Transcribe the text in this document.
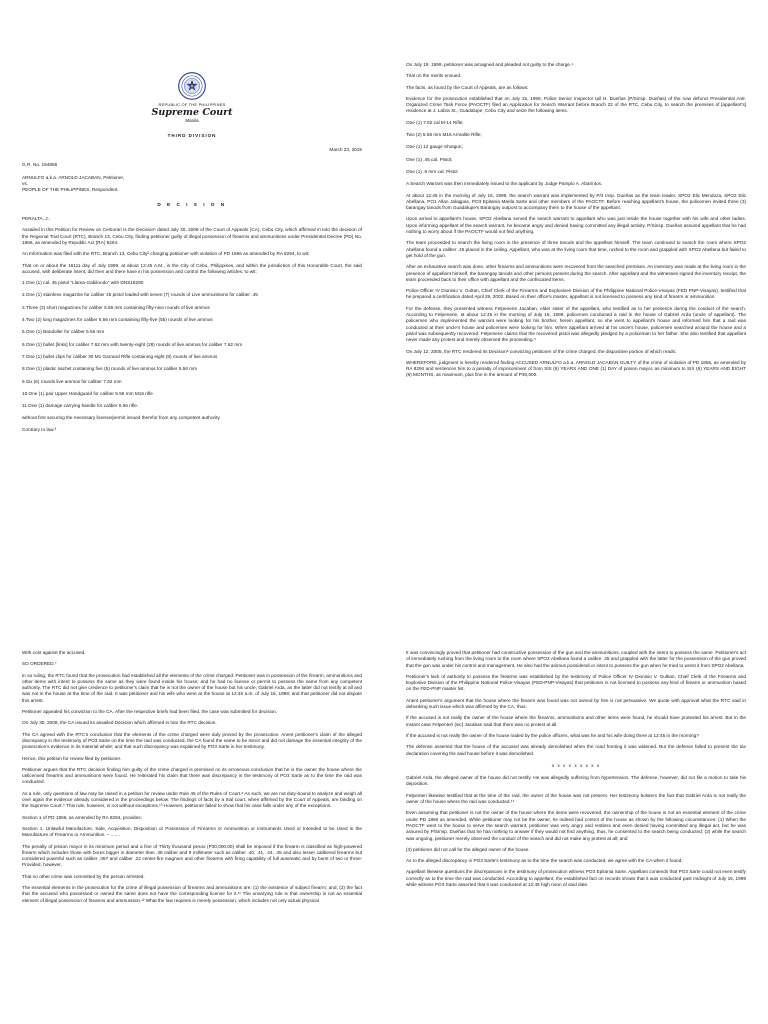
REPUBLIC OF THE PHILIPPINES
Supreme Court
Manila
THIRD DIVISION
March 23, 2015
G.R. No. 184866
ARNULFO a.k.a. ARNOLD JACABAN, Petitioner,
vs.
PEOPLE OF THE PHILIPPINES, Respondent.
D E C I S I O N

PERALTA, J.:

Assailed in this Petition for Review on Certiorari is the Decision¹ dated July 30, 2008 of the Court of Appeals (CA), Cebu City, which affirmed in toto the decision of the Regional Trial Court (RTC), Branch 13, Cebu City, finding petitioner guilty of illegal possession of firearms and ammunitions under Presidential Decree (PD) No. 1866, as amended by Republic Act (RA) 8294.

An Information was filed with the RTC, Branch 13, Cebu City² charging petitioner with violation of PD 1866 as amended by RA 8294, to wit:

That on or about the 16111 day of July 1999, at about 12:45 A.M., in the City of Cebu, Philippines, and within the jurisdiction of this Honorable Court, the said accused, with deliberate intent, did then and there have in his possession and control the following articles, to wit:

1.One (1) cal. 45 pistol "Llama-Gabilondo" with DNS18290
2.One (1) stainless magazine for caliber 45 pistol loaded with seven (7) rounds of Live ammunitions for caliber .45
3.Three (3) short magazines for caliber 5.56 mm containing fifty-nine rounds of live ammos
4.Two (2) long magazines for caliber 5.56 mm containing fifty-five (55) rounds of live ammos
5.One (1) Bandoller for caliber 5.56 mm
6.One (1) bullet [links] for caliber 7.62 mm with twenty-eight (28) rounds of live ammos for caliber 7.62 mm
7.One (1) bullet clips for caliber 30 M1 Garrand Rifle containing eight (8) rounds of live ammos
8.One (1) plastic sachet containing five (5) rounds of live ammos for caliber 5.56 mm
9.Six (6) rounds live ammos for caliber 7.62 mm
10.One (1) pair Upper Handguard for caliber 5.56 mm M16 rifle
11.One (1) damage carrying handle for caliber 5.56 rifle.

without first securing the necessary license/permit issued therefor from any competent authority.

Contrary to law.³

On July 19, 1999, petitioner was arraigned and pleaded not guilty to the charge.⁴

Trial on the merits ensued.

The facts, as found by the Court of Appeals, are as follows:

Evidence for the prosecution established that on July 15, 1999, Police Senior Inspector Ipil H. Dueñas (P/Sinsp. Dueñas) of the now defunct Presidential Anti-Organized Crime Task Force (PAOCTF) filed an Application for Search Warrant before Branch 22 of the RTC, Cebu City, to search the premises of [appellant's] residence at J. Labra St., Guadalupe, Cebu City and seize the following items.

One (1) 7.62 cal M-14 Rifle;
Two (2) 5.56 mm M16 Armalite Rifle;
One (1) 12 gauge Shotgun;
One (1) .45 cal. Pistol;
One (1) .9 mm cal. Pistol

A Search Warrant was then immediately issued to the applicant by Judge Pampio A. Abarintos.

At about 12:45 in the morning of July 16, 1999, the search warrant was implemented by P/3 Insp. Dueñas as the team leader, SPO2 Elic Mendoza, SPO2 Elic Abellana, PO1 Allan Jalagpas, PO3 Epitania Marila Sarte and other members of the PAOCTF. Before reaching appellant's house, the policemen invited three (3) barangay tanods from Guadalupe's Barangay outpost to accompany them to the house of the appellant.

Upon arrival to appellant's house, SPO2 Abellana served the search warrant to appellant who was just inside the house together with his wife and other ladies. Upon informing appellant of the search warrant, he became angry and denied having committed any illegal activity. P/Sinsp. Dueñas assured appellant that he had nothing to worry about if the PAOCTF would not find anything.

The team proceeded to search the living room in the presence of three tanods and the appellant himself. The team continued to search the room where SPO2 Abellana found a caliber .45 placed in the ceiling. Appellant, who was at the living room that time, rushed to the room and grappled with SPO2 Abellana but failed to get hold of the gun.

After an exhaustive search was done, other firearms and ammunitions were recovered from the searched premises. An inventory was made at the living room in the presence of appellant himself, the barangay tanods and other persons present during the search. After appellant and the witnesses signed the inventory receipt, the team proceeded back to their office with appellant and the confiscated items.

Police Officer IV Dionisio V. Gultan, Chief Clerk of the Firearms and Explosives Division of the Philippine National Police-Visayas (FED PNP-Visayas), testified that he prepared a certification dated April 29, 2002. Based on their office's master, appellant is not licensed to possess any kind of firearm or ammunition.

For the defense, they presented witness Felpenerie Jacaban, elder sister of the appellant, who testified as to her presence during the conduct of the search. According to Felpenerie, at about 12:45 in the morning of July 16, 1999, policemen conducted a raid in the house of Gabriel Arda (uncle of appellant). The policemen who implemented the warrant were looking for his brother, herein appellant, so she went to appellant's house and informed him that a raid was conducted at their uncle's house and policemen were looking for him. When appellant arrived at his uncle's house, policemen searched around the house and a pistol was subsequently recovered. Felpenerie claims that the recovered pistol was allegedly pledged by a policeman to her father. She also testified that appellant never made any protest and merely observed the proceeding.⁵

On July 12, 2005, the RTC rendered its Decision⁶ convicting petitioner of the crime charged, the dispositive portion of which reads:

WHEREFORE, judgment is hereby rendered finding ACCUSED ARNULFO a.k.a. ARNOLD JACABAN GUILTY of the crime of violation of PD 1866, as amended by RA 8294 and sentences him to a penalty of imprisonment of from SIX (6) YEARS AND ONE (1) DAY of prision mayor, as minimum to SIX (6) YEARS AND EIGHT (8) MONTHS, as maximum, plus fine in the amount of P30,000.

With cost against the accused.

SO ORDERED.⁷

In so ruling, the RTC found that the prosecution had established all the elements of the crime charged. Petitioner was in possession of the firearm, ammunitions and other items with intent to possess the same as they were found inside his house; and he had no license or permit to possess the same from any competent authority. The RTC did not give credence to petitioner's claim that he is not the owner of the house but his uncle, Gabriel Arda, as the latter did not testify at all and was not in the house at the time of the raid. It was petitioner and his wife who were at the house at 12:45 a.m. of July 16, 1999; and that petitioner did not dispute this arrest.

Petitioner appealed his conviction to the CA. After the respective briefs had been filed, the case was submitted for decision.

On July 30, 2008, the CA issued its assailed Decision which affirmed in toto the RTC decision.

The CA agreed with the RTC's conclusion that the elements of the crime charged were duly proved by the prosecution. Anent petitioner's claim of the alleged discrepancy in the testimony of PO3 Sarte on the time the raid was conducted, the CA found the same to be minor and did not damage the essential integrity of the prosecution's evidence in its material whole; and that such discrepancy was explained by PO3 Sarte in her testimony.

Hence, this petition for review filed by petitioner.

Petitioner argues that the RTC decision finding him guilty of the crime charged is premised on its erroneous conclusion that he is the owner the house where the unlicensed firearms and ammunitions were found. He reiterated his claim that there was discrepancy in the testimony of PO3 Sarte as to the time the raid was conducted.

As a rule, only questions of law may be raised in a petition for review under Rule 45 of the Rules of Court.⁸ As such, we are not duty-bound to analyze and weigh all over again the evidence already considered in the proceedings below. The findings of facts by a trial court, when affirmed by the Court of Appeals, are binding on the Supreme Court.⁹ This rule, however, is not without exceptions.¹⁰ However, petitioner failed to show that his case falls under any of the exceptions.

Section 1 of PD 1866, as amended by RA 8294, provides:

Section 1. Unlawful Manufacture, Sale, Acquisition, Disposition or Possession of Firearms or Ammunition or Instruments Used or Intended to be Used in the Manufacture of Firearms or Ammunition. – .......

The penalty of prision mayor in its minimum period and a fine of Thirty thousand pesos (P30,000.00) shall be imposed if the firearm is classified as high-powered firearm which includes those with bores bigger in diameter than .38 caliber and 9 millimeter such as caliber .40, .41, .44, .45 and also lesser calibered firearms but considered powerful such as caliber .357 and caliber .22 center-fire magnum and other firearms with firing capability of full automatic and by burst of two or three: Provided, however,

That no other crime was committed by the person arrested.

The essential elements in the prosecution for the crime of illegal possession of firearms and ammunitions are: (1) the existence of subject firearm; and, (2) the fact that the accused who possessed or owned the same does not have the corresponding license for it.¹¹ The unvarying rule is that ownership is not an essential element of illegal possession of firearms and ammunition.¹² What the law requires is merely possession, which includes not only actual physical

It was convincingly proved that petitioner had constructive possession of the gun and the ammunitions, coupled with the intent to possess the same. Petitioner's act of immediately rushing from the living room to the room where SPO2 Abellana found a calibre .45 and grappled with the latter for the possession of the gun proved that the gun was under his control and management. He also had the animus possidendi or intent to possess the gun when he tried to wrest it from SPO2 Abellana.

Petitioner's lack of authority to possess the firearms was established by the testimony of Police Officer IV Dionisio V. Gultian, Chief Clerk of the Firearms and Explosive Division of the Philippine National Police-Visayas (FED-PNP-Visayas) that petitioner is not licensed to possess any kind of firearm or ammunition based on the FED-PNP master list.

Anent petitioner's argument that the house where the firearm was found was not owned by him is not persuasive. We quote with approval what the RTC said in debunking such issue which was affirmed by the CA, thus:

If the accused is not really the owner of the house where the firearms, ammunitions and other items were found, he should have protested his arrest. But in the instant case Felpenteri (sic) Jacaban said that there was no protest at all.

If the accused is not really the owner of the house raided by the police officers, what was he and his wife doing there at 12:45 in the morning?

The defense asserted that the house of the accused was already demolished when the road fronting it was widened. But the defense failed to present the tax declaration covering the said house before it was demolished.

x x x x x x x x x

Gabriel Arda, the alleged owner of the house did not testify. He was allegedly suffering from hypertension. The defense, however, did not file a motion to take his deposition.

Felpenteri likewise testified that at the time of the raid, the owner of the house was not present. Her testimony bolsters the fact that Gabriel Arda is not really the owner of the house where the raid was conducted.¹⁴

Even assuming that petitioner is not the owner of the house where the items were recovered, the ownership of the house is not an essential element of the crime under PD 1866 as amended. While petitioner may not be the owner, he indeed had control of the house as shown by the following circumstances: (1) When the PAOCTF went to the house to serve the search warrant, petitioner was very angry and restless and even denied having committed any illegal act, but he was assured by P/Sinsp. Dueñas that he has nothing to answer if they would not find anything, thus, he consented to the search being conducted; (2) while the search was ongoing, petitioner merely observed the conduct of the search and did not make any protest at all; and

(3) petitioner did not call for the alleged owner of the house.

As to the alleged discrepancy in PO3 Sarte's testimony as to the time the search was conducted, we agree with the CA when it found:

Appellant likewise questions the discrepancies in the testimony of prosecution witness PO3 Epitania Sarte. Appellant contends that PO3 Sarte could not even testify correctly as to the time the raid was conducted. According to appellant, the established fact on records shows that it was conducted past midnight of July 16, 1999 while witness PO3 Sarte asserted that it was conducted at 12:45 high noon of said date.
